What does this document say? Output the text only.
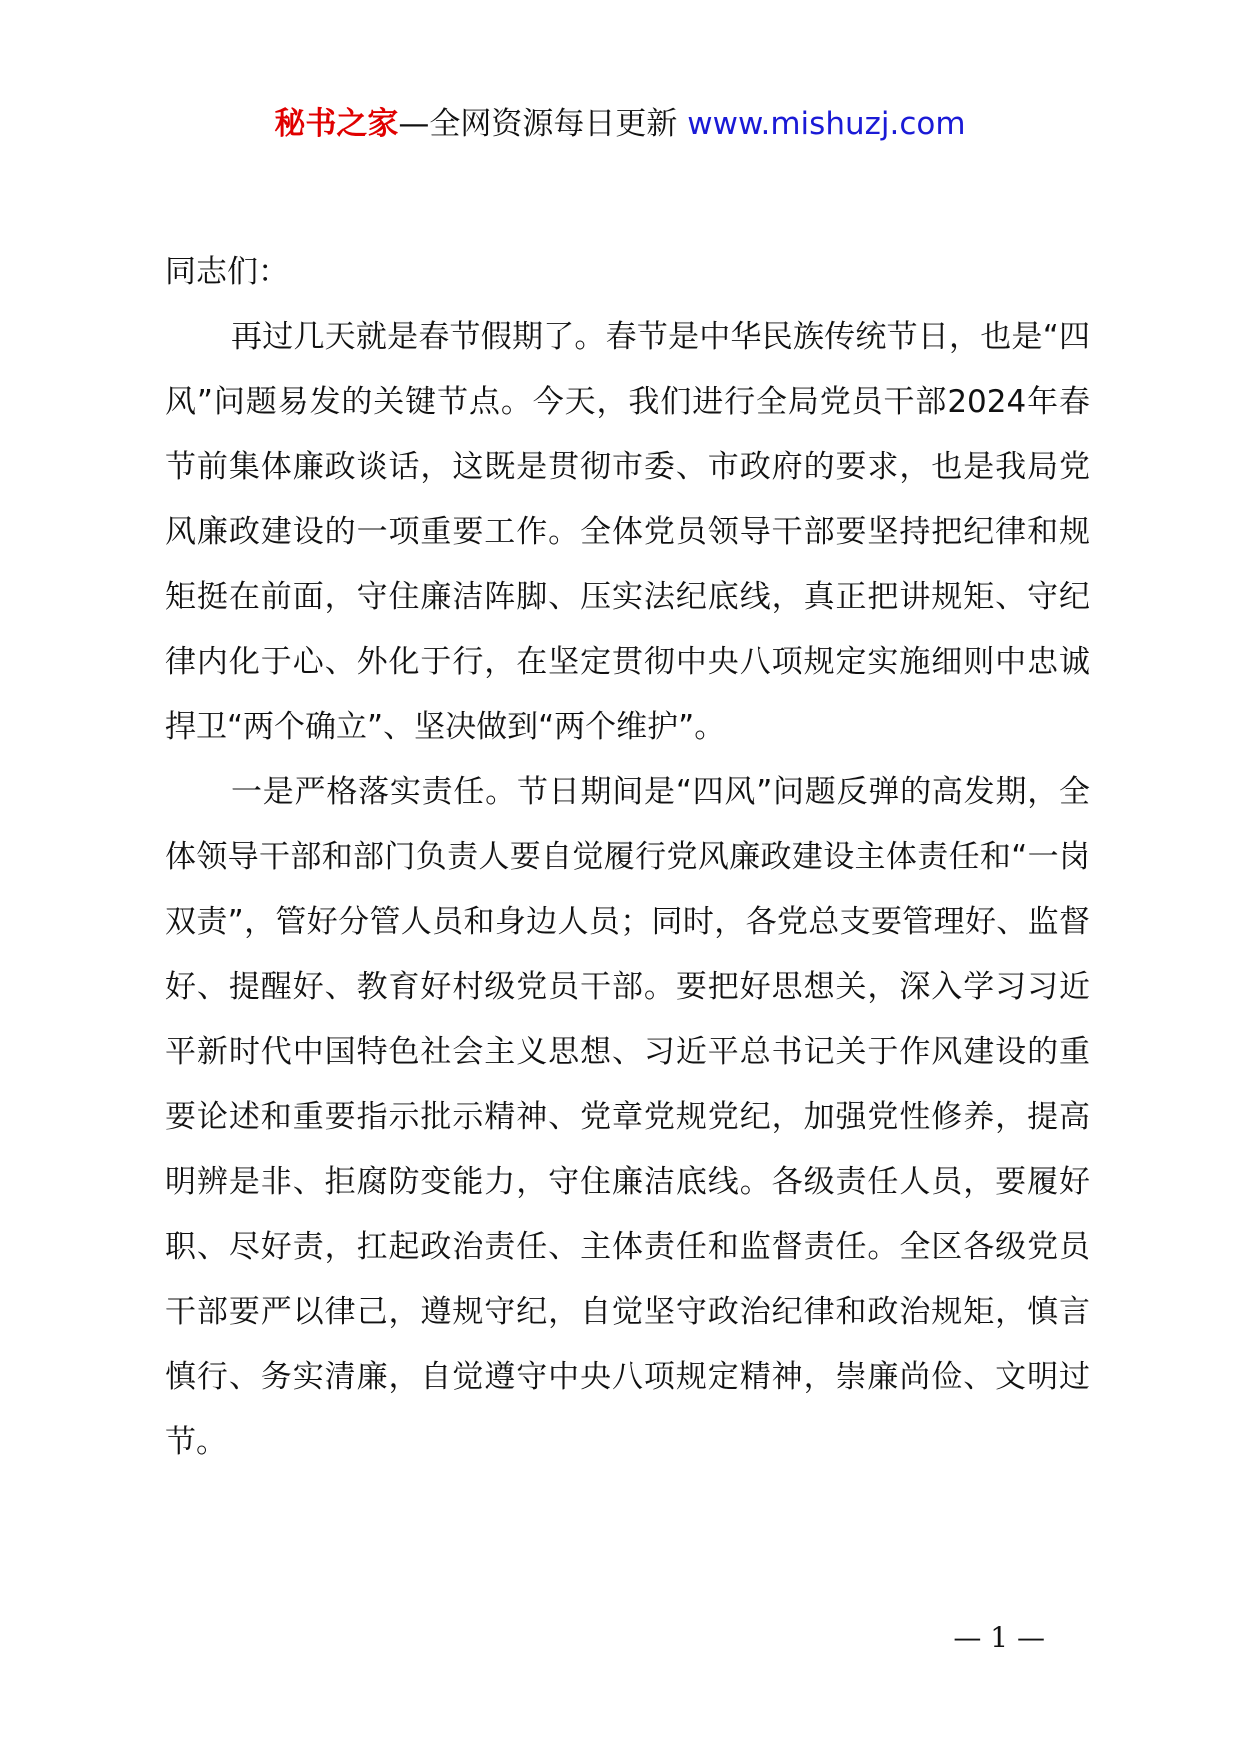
秘书之家—全网资源每日更新 www.mishuzj.com

同志们：

再过几天就是春节假期了。春节是中华民族传统节日，也是“四风”问题易发的关键节点。今天，我们进行全局党员干部2024年春节前集体廉政谈话，这既是贯彻市委、市政府的要求，也是我局党风廉政建设的一项重要工作。全体党员领导干部要坚持把纪律和规矩挺在前面，守住廉洁阵脚、压实法纪底线，真正把讲规矩、守纪律内化于心、外化于行，在坚定贯彻中央八项规定实施细则中忠诚捍卫“两个确立”、坚决做到“两个维护”。

一是严格落实责任。节日期间是“四风”问题反弹的高发期，全体领导干部和部门负责人要自觉履行党风廉政建设主体责任和“一岗双责”，管好分管人员和身边人员；同时，各党总支要管理好、监督好、提醒好、教育好村级党员干部。要把好思想关，深入学习习近平新时代中国特色社会主义思想、习近平总书记关于作风建设的重要论述和重要指示批示精神、党章党规党纪，加强党性修养，提高明辨是非、拒腐防变能力，守住廉洁底线。各级责任人员，要履好职、尽好责，扛起政治责任、主体责任和监督责任。全区各级党员干部要严以律己，遵规守纪，自觉坚守政治纪律和政治规矩，慎言慎行、务实清廉，自觉遵守中央八项规定精神，崇廉尚俭、文明过节。

— 1 —
